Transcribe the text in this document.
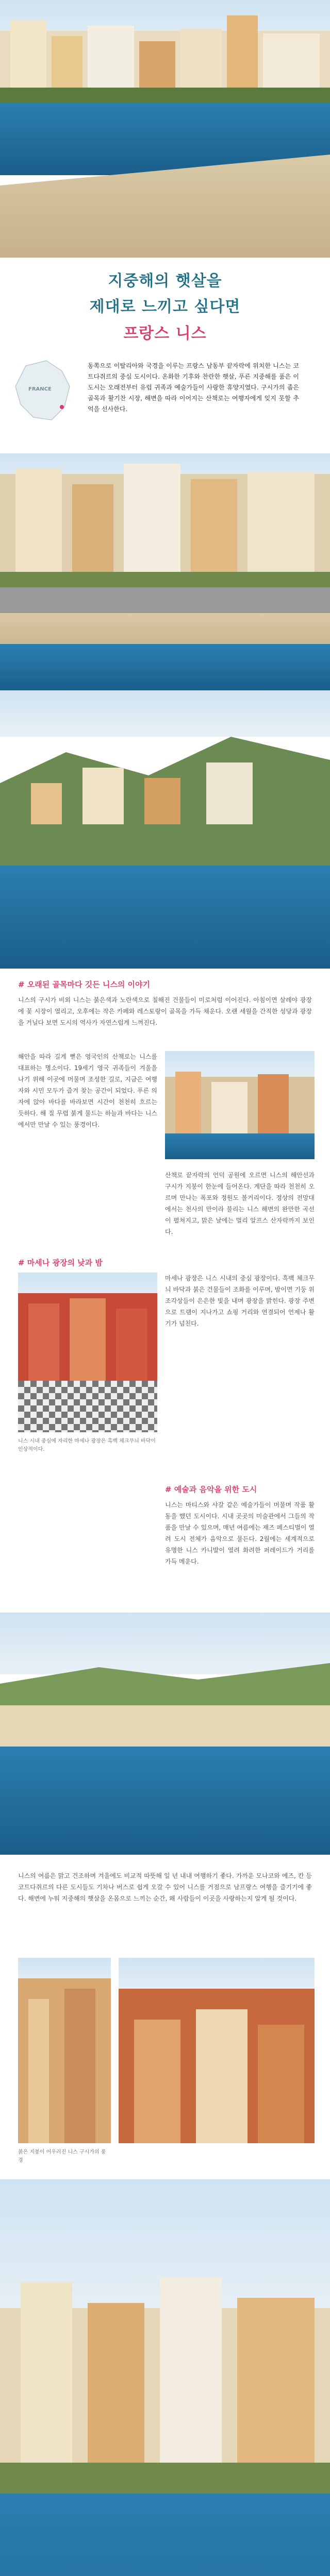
지중해의 햇살을
제대로 느끼고 싶다면
프랑스 니스
FRANCE
동쪽으로 이탈리아와 국경을 이루는 프랑스 남동부 끝자락에 위치한 니스는 코트다쥐르의 중심 도시이다. 온화한 기후와 찬란한 햇살, 푸른 지중해를 품은 이 도시는 오래전부터 유럽 귀족과 예술가들이 사랑한 휴양지였다. 구시가의 좁은 골목과 활기찬 시장, 해변을 따라 이어지는 산책로는 여행자에게 잊지 못할 추억을 선사한다.
# 오래된 골목마다 깃든 니스의 이야기
니스의 구시가 비외 니스는 붉은색과 노란색으로 칠해진 건물들이 미로처럼 이어진다. 아침이면 살레야 광장에 꽃 시장이 열리고, 오후에는 작은 카페와 레스토랑이 골목을 가득 채운다. 오랜 세월을 간직한 성당과 광장을 거닐다 보면 도시의 역사가 자연스럽게 느껴진다.
해안을 따라 길게 뻗은 영국인의 산책로는 니스를 대표하는 명소이다. 19세기 영국 귀족들이 겨울을 나기 위해 이곳에 머물며 조성한 길로, 지금은 여행자와 시민 모두가 즐겨 찾는 공간이 되었다. 푸른 의자에 앉아 바다를 바라보면 시간이 천천히 흐르는 듯하다. 해 질 무렵 붉게 물드는 하늘과 바다는 니스에서만 만날 수 있는 풍경이다.
산책로 끝자락의 언덕 공원에 오르면 니스의 해안선과 구시가 지붕이 한눈에 들어온다. 계단을 따라 천천히 오르며 만나는 폭포와 정원도 볼거리이다. 정상의 전망대에서는 천사의 만이라 불리는 니스 해변의 완만한 곡선이 펼쳐지고, 맑은 날에는 멀리 알프스 산자락까지 보인다.
# 마세나 광장의 낮과 밤
니스 시내 중심에 자리한 마세나 광장은 흑백 체크무늬 바닥이 인상적이다.
마세나 광장은 니스 시내의 중심 광장이다. 흑백 체크무늬 바닥과 붉은 건물들이 조화를 이루며, 밤이면 기둥 위 조각상들이 은은한 빛을 내며 광장을 밝힌다. 광장 주변으로 트램이 지나가고 쇼핑 거리와 연결되어 언제나 활기가 넘친다.
# 예술과 음악을 위한 도시
니스는 마티스와 샤갈 같은 예술가들이 머물며 작품 활동을 했던 도시이다. 시내 곳곳의 미술관에서 그들의 작품을 만날 수 있으며, 매년 여름에는 재즈 페스티벌이 열려 도시 전체가 음악으로 물든다. 2월에는 세계적으로 유명한 니스 카니발이 열려 화려한 퍼레이드가 거리를 가득 메운다.
니스의 여름은 맑고 건조하며 겨울에도 비교적 따뜻해 일 년 내내 여행하기 좋다. 가까운 모나코와 에즈, 칸 등 코트다쥐르의 다른 도시들도 기차나 버스로 쉽게 오갈 수 있어 니스를 거점으로 남프랑스 여행을 즐기기에 좋다. 해변에 누워 지중해의 햇살을 온몸으로 느끼는 순간, 왜 사람들이 이곳을 사랑하는지 알게 될 것이다.
붉은 지붕이 어우러진 니스 구시가의 풍경
